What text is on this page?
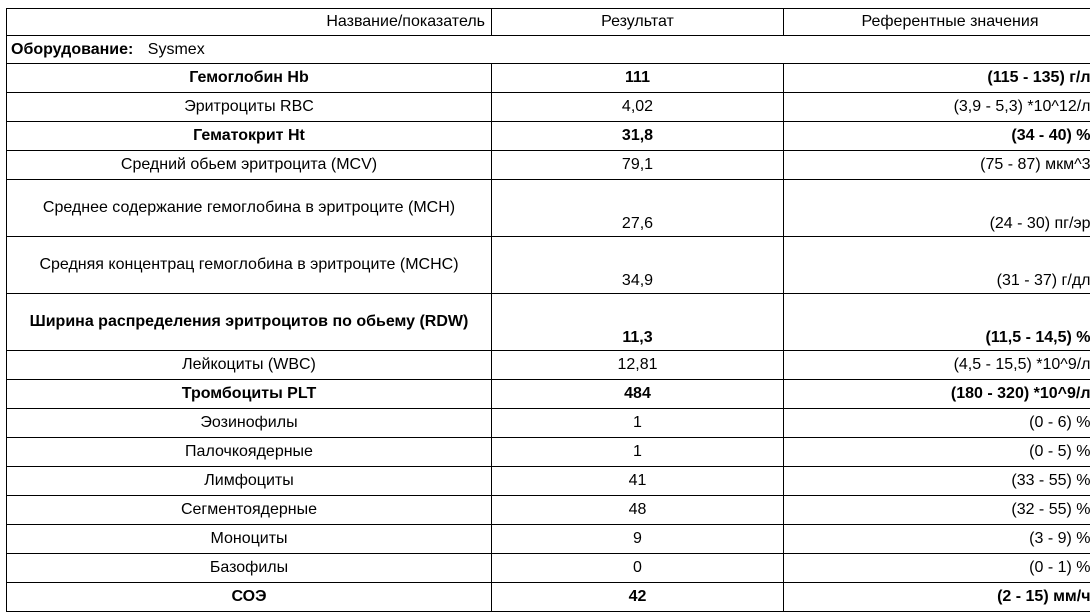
Название/показатель	Результат	Референтные значения
Оборудование: Sysmex		
Гемоглобин Hb	111	(115 - 135) г/л
Эритроциты RBC	4,02	(3,9 - 5,3) *10^12/л
Гематокрит Ht	31,8	(34 - 40) %
Средний обьем эритроцита (MCV)	79,1	(75 - 87) мкм^3
Среднее содержание гемоглобина в эритроците (MCH)	27,6	(24 - 30) пг/эр
Средняя концентрац гемоглобина в эритроците (MCHC)	34,9	(31 - 37) г/дл
Ширина распределения эритроцитов по обьему (RDW)	11,3	(11,5 - 14,5) %
Лейкоциты (WBC)	12,81	(4,5 - 15,5) *10^9/л
Тромбоциты PLT	484	(180 - 320) *10^9/л
Эозинофилы	1	(0 - 6) %
Палочкоядерные	1	(0 - 5) %
Лимфоциты	41	(33 - 55) %
Сегментоядерные	48	(32 - 55) %
Моноциты	9	(3 - 9) %
Базофилы	0	(0 - 1) %
СОЭ	42	(2 - 15) мм/ч
